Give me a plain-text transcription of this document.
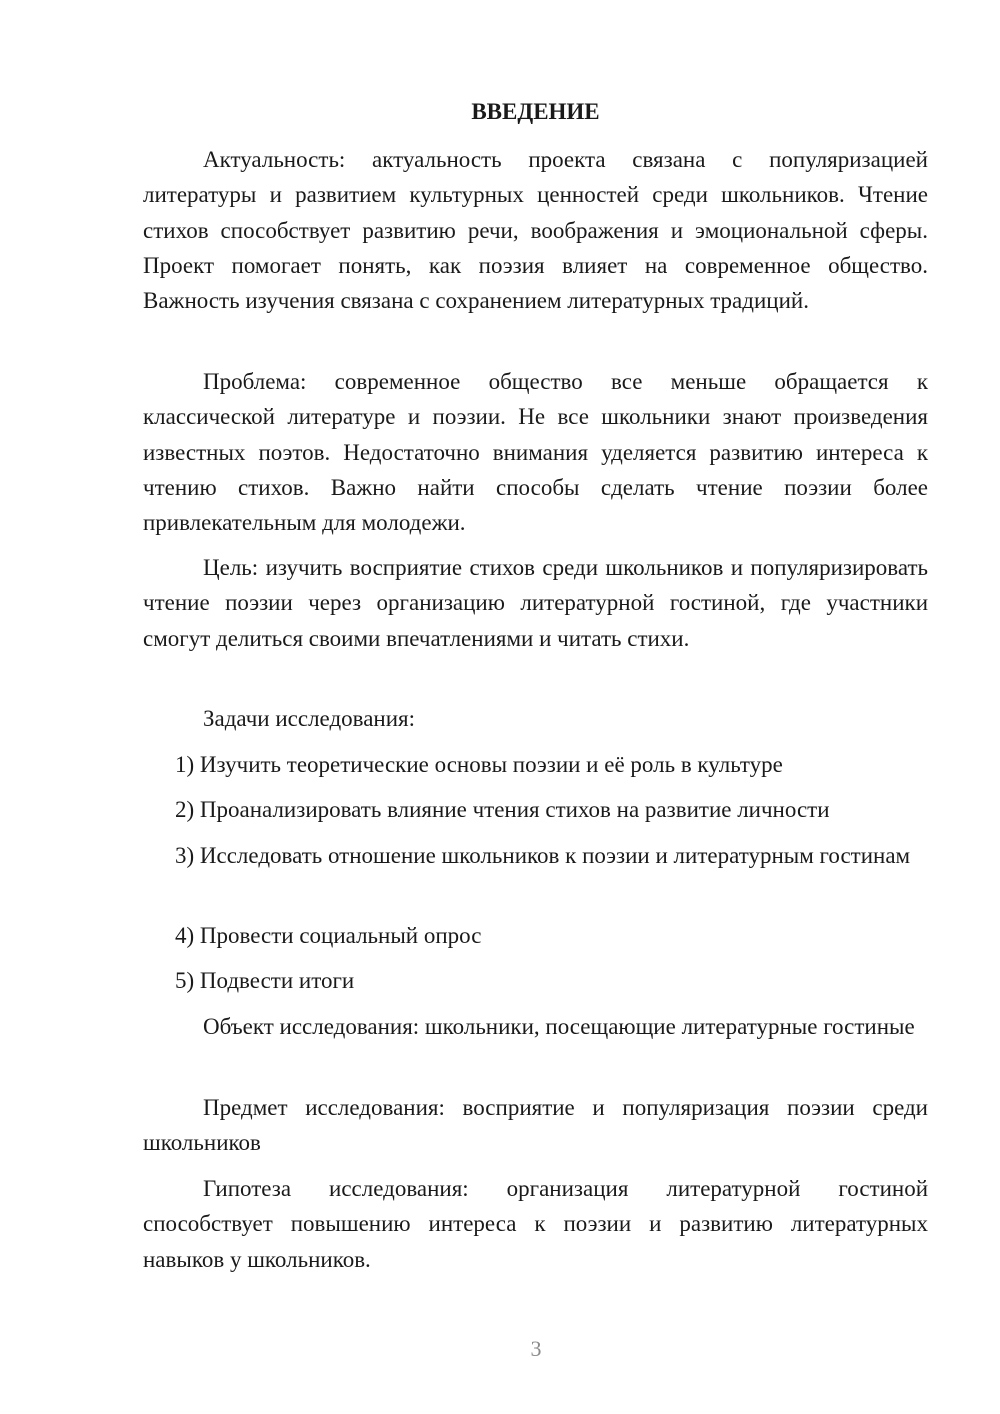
ВВЕДЕНИЕ

Актуальность: актуальность проекта связана с популяризацией литературы и развитием культурных ценностей среди школьников. Чтение стихов способствует развитию речи, воображения и эмоциональной сферы. Проект помогает понять, как поэзия влияет на современное общество. Важность изучения связана с сохранением литературных традиций.

Проблема: современное общество все меньше обращается к классической литературе и поэзии. Не все школьники знают произведения известных поэтов. Недостаточно внимания уделяется развитию интереса к чтению стихов. Важно найти способы сделать чтение поэзии более привлекательным для молодежи.

Цель: изучить восприятие стихов среди школьников и популяризировать чтение поэзии через организацию литературной гостиной, где участники смогут делиться своими впечатлениями и читать стихи.

Задачи исследования:

1) Изучить теоретические основы поэзии и её роль в культуре

2) Проанализировать влияние чтения стихов на развитие личности

3) Исследовать отношение школьников к поэзии и литературным гостинам

4) Провести социальный опрос

5) Подвести итоги

Объект исследования: школьники, посещающие литературные гостиные

Предмет исследования: восприятие и популяризация поэзии среди школьников

Гипотеза исследования: организация литературной гостиной способствует повышению интереса к поэзии и развитию литературных навыков у школьников.

3
